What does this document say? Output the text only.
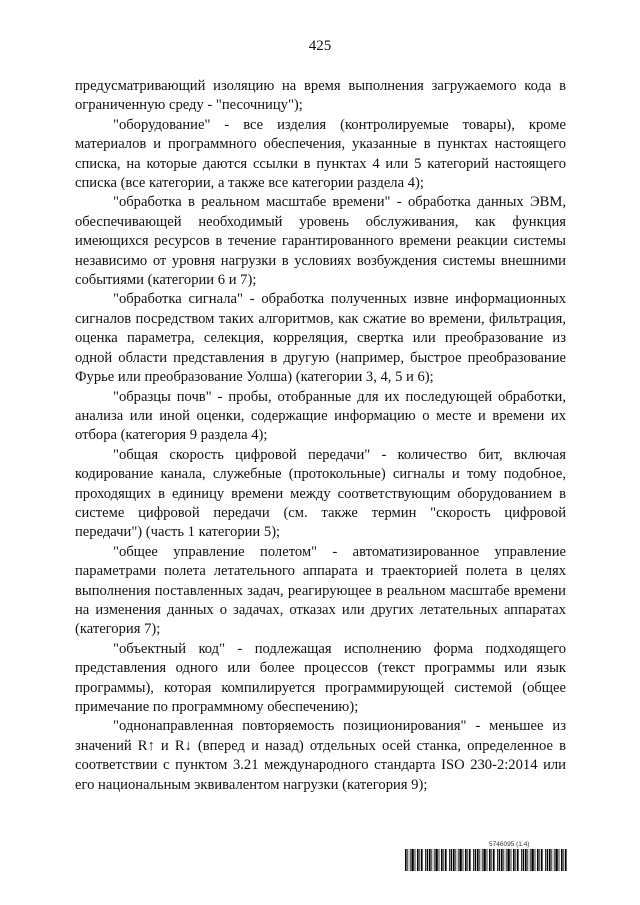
425

предусматривающий изоляцию на время выполнения загружаемого кода в ограниченную среду - "песочницу");

"оборудование" - все изделия (контролируемые товары), кроме материалов и программного обеспечения, указанные в пунктах настоящего списка, на которые даются ссылки в пунктах 4 или 5 категорий настоящего списка (все категории, а также все категории раздела 4);

"обработка в реальном масштабе времени" - обработка данных ЭВМ, обеспечивающей необходимый уровень обслуживания, как функция имеющихся ресурсов в течение гарантированного времени реакции системы независимо от уровня нагрузки в условиях возбуждения системы внешними событиями (категории 6 и 7);

"обработка сигнала" - обработка полученных извне информационных сигналов посредством таких алгоритмов, как сжатие во времени, фильтрация, оценка параметра, селекция, корреляция, свертка или преобразование из одной области представления в другую (например, быстрое преобразование Фурье или преобразование Уолша) (категории 3, 4, 5 и 6);

"образцы почв" - пробы, отобранные для их последующей обработки, анализа или иной оценки, содержащие информацию о месте и времени их отбора (категория 9 раздела 4);

"общая скорость цифровой передачи" - количество бит, включая кодирование канала, служебные (протокольные) сигналы и тому подобное, проходящих в единицу времени между соответствующим оборудованием в системе цифровой передачи (см. также термин "скорость цифровой передачи") (часть 1 категории 5);

"общее управление полетом" - автоматизированное управление параметрами полета летательного аппарата и траекторией полета в целях выполнения поставленных задач, реагирующее в реальном масштабе времени на изменения данных о задачах, отказах или других летательных аппаратах (категория 7);

"объектный код" - подлежащая исполнению форма подходящего представления одного или более процессов (текст программы или язык программы), которая компилируется программирующей системой (общее примечание по программному обеспечению);

"однонаправленная повторяемость позиционирования" - меньшее из значений R↑ и R↓ (вперед и назад) отдельных осей станка, определенное в соответствии с пунктом 3.21 международного стандарта ISO 230-2:2014 или его национальным эквивалентом нагрузки (категория 9);

5746095 (1.4)
